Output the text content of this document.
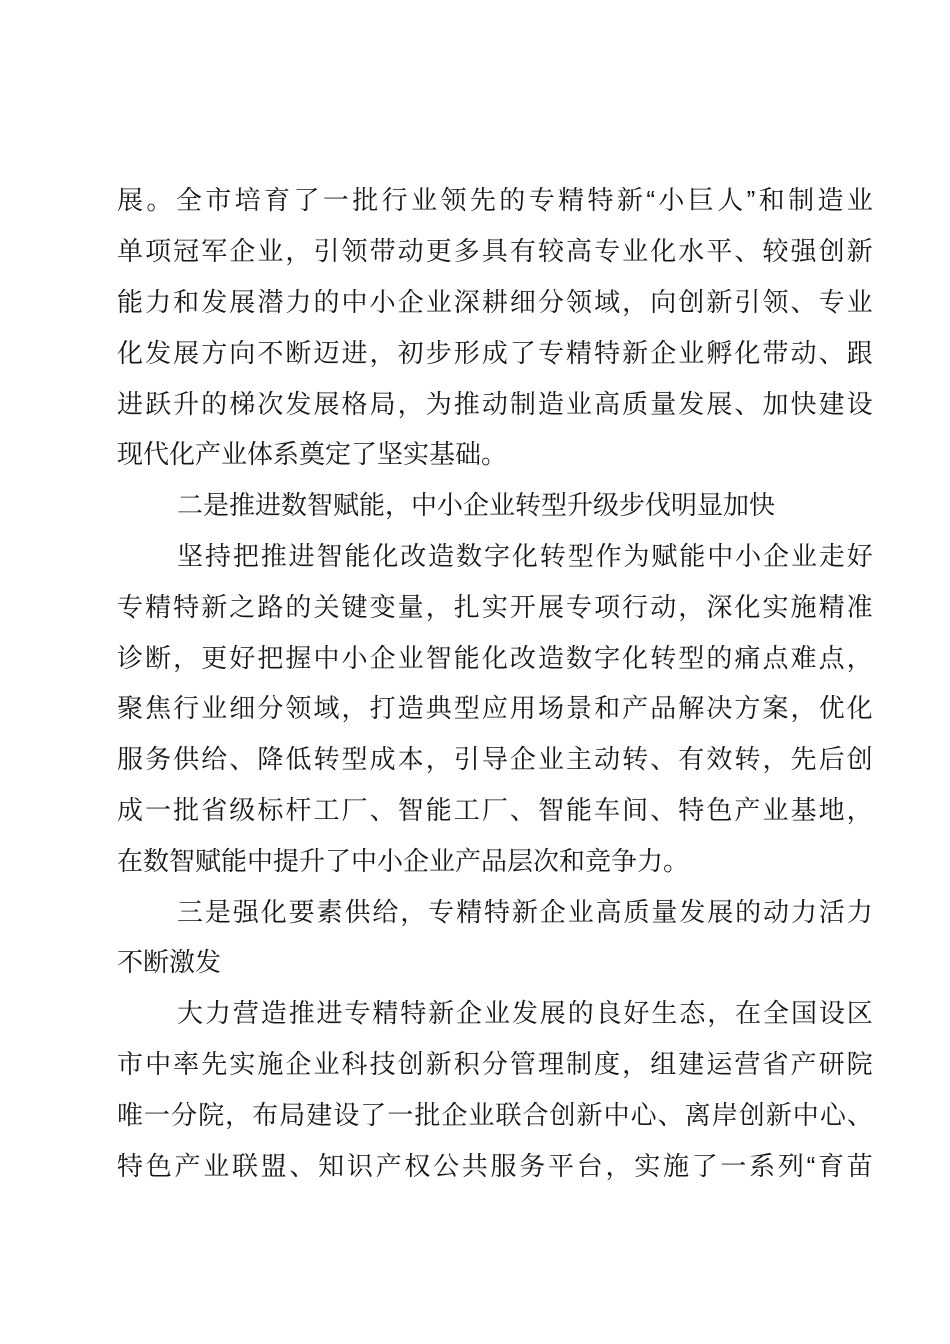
展 。 全 市 培 育 了 一 批 行 业 领 先 的 专 精 特 新 “ 小 巨 人 ” 和 制 造 业
单 项 冠 军 企 业 ， 引 领 带 动 更 多 具 有 较 高 专 业 化 水 平 、 较 强 创 新
能 力 和 发 展 潜 力 的 中 小 企 业 深 耕 细 分 领 域 ， 向 创 新 引 领 、 专 业
化 发 展 方 向 不 断 迈 进 ， 初 步 形 成 了 专 精 特 新 企 业 孵 化 带 动 、 跟
进 跃 升 的 梯 次 发 展 格 局 ， 为 推 动 制 造 业 高 质 量 发 展 、 加 快 建 设
现代化产业体系奠定了坚实基础。
二是推进数智赋能，中小企业转型升级步伐明显加快
坚 持 把 推 进 智 能 化 改 造 数 字 化 转 型 作 为 赋 能 中 小 企 业 走 好
专 精 特 新 之 路 的 关 键 变 量 ， 扎 实 开 展 专 项 行 动 ， 深 化 实 施 精 准
诊 断 ， 更 好 把 握 中 小 企 业 智 能 化 改 造 数 字 化 转 型 的 痛 点 难 点 ，
聚 焦 行 业 细 分 领 域 ， 打 造 典 型 应 用 场 景 和 产 品 解 决 方 案 ， 优 化
服 务 供 给 、 降 低 转 型 成 本 ， 引 导 企 业 主 动 转 、 有 效 转 ， 先 后 创
成 一 批 省 级 标 杆 工 厂 、 智 能 工 厂 、 智 能 车 间 、 特 色 产 业 基 地 ，
在数智赋能中提升了中小企业产品层次和竞争力。
三 是 强 化 要 素 供 给 ， 专 精 特 新 企 业 高 质 量 发 展 的 动 力 活 力
不断激发
大 力 营 造 推 进 专 精 特 新 企 业 发 展 的 良 好 生 态 ， 在 全 国 设 区
市 中 率 先 实 施 企 业 科 技 创 新 积 分 管 理 制 度 ， 组 建 运 营 省 产 研 院
唯 一 分 院 ， 布 局 建 设 了 一 批 企 业 联 合 创 新 中 心 、 离 岸 创 新 中 心 、
特 色 产 业 联 盟 、 知 识 产 权 公 共 服 务 平 台 ， 实 施 了 一 系 列 “ 育 苗
